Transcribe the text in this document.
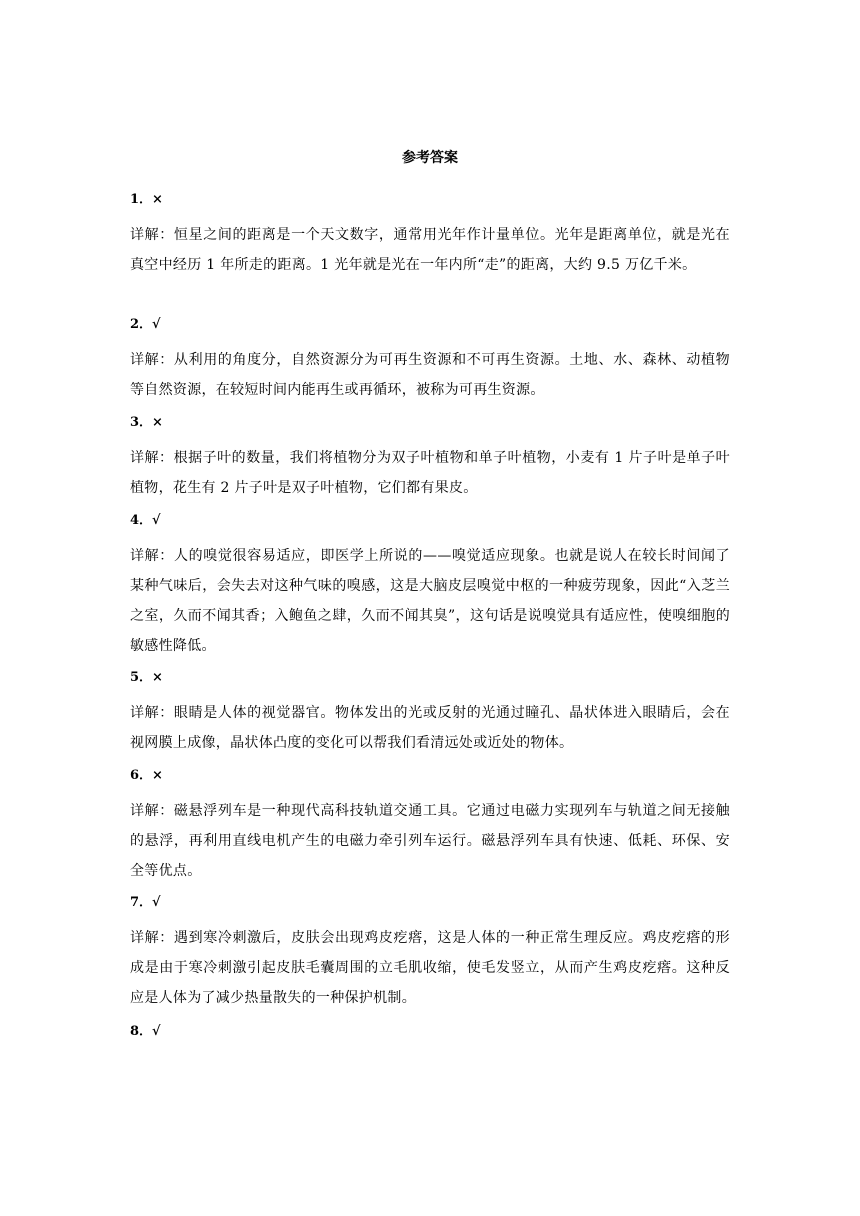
参考答案
1．×
详解：恒星之间的距离是一个天文数字，通常用光年作计量单位。光年是距离单位，就是光在真空中经历 1 年所走的距离。1 光年就是光在一年内所“走”的距离，大约 9.5 万亿千米。
2．√
详解：从利用的角度分，自然资源分为可再生资源和不可再生资源。土地、水、森林、动植物等自然资源，在较短时间内能再生或再循环，被称为可再生资源。
3．×
详解：根据子叶的数量，我们将植物分为双子叶植物和单子叶植物，小麦有 1 片子叶是单子叶植物，花生有 2 片子叶是双子叶植物，它们都有果皮。
4．√
详解：人的嗅觉很容易适应，即医学上所说的——嗅觉适应现象。也就是说人在较长时间闻了某种气味后，会失去对这种气味的嗅感，这是大脑皮层嗅觉中枢的一种疲劳现象，因此“入芝兰之室，久而不闻其香；入鲍鱼之肆，久而不闻其臭”，这句话是说嗅觉具有适应性，使嗅细胞的敏感性降低。
5．×
详解：眼睛是人体的视觉器官。物体发出的光或反射的光通过瞳孔、晶状体进入眼睛后，会在视网膜上成像，晶状体凸度的变化可以帮我们看清远处或近处的物体。
6．×
详解：磁悬浮列车是一种现代高科技轨道交通工具。它通过电磁力实现列车与轨道之间无接触的悬浮，再利用直线电机产生的电磁力牵引列车运行。磁悬浮列车具有快速、低耗、环保、安全等优点。
7．√
详解：遇到寒冷刺激后，皮肤会出现鸡皮疙瘩，这是人体的一种正常生理反应。鸡皮疙瘩的形成是由于寒冷刺激引起皮肤毛囊周围的立毛肌收缩，使毛发竖立，从而产生鸡皮疙瘩。这种反应是人体为了减少热量散失的一种保护机制。
8．√
